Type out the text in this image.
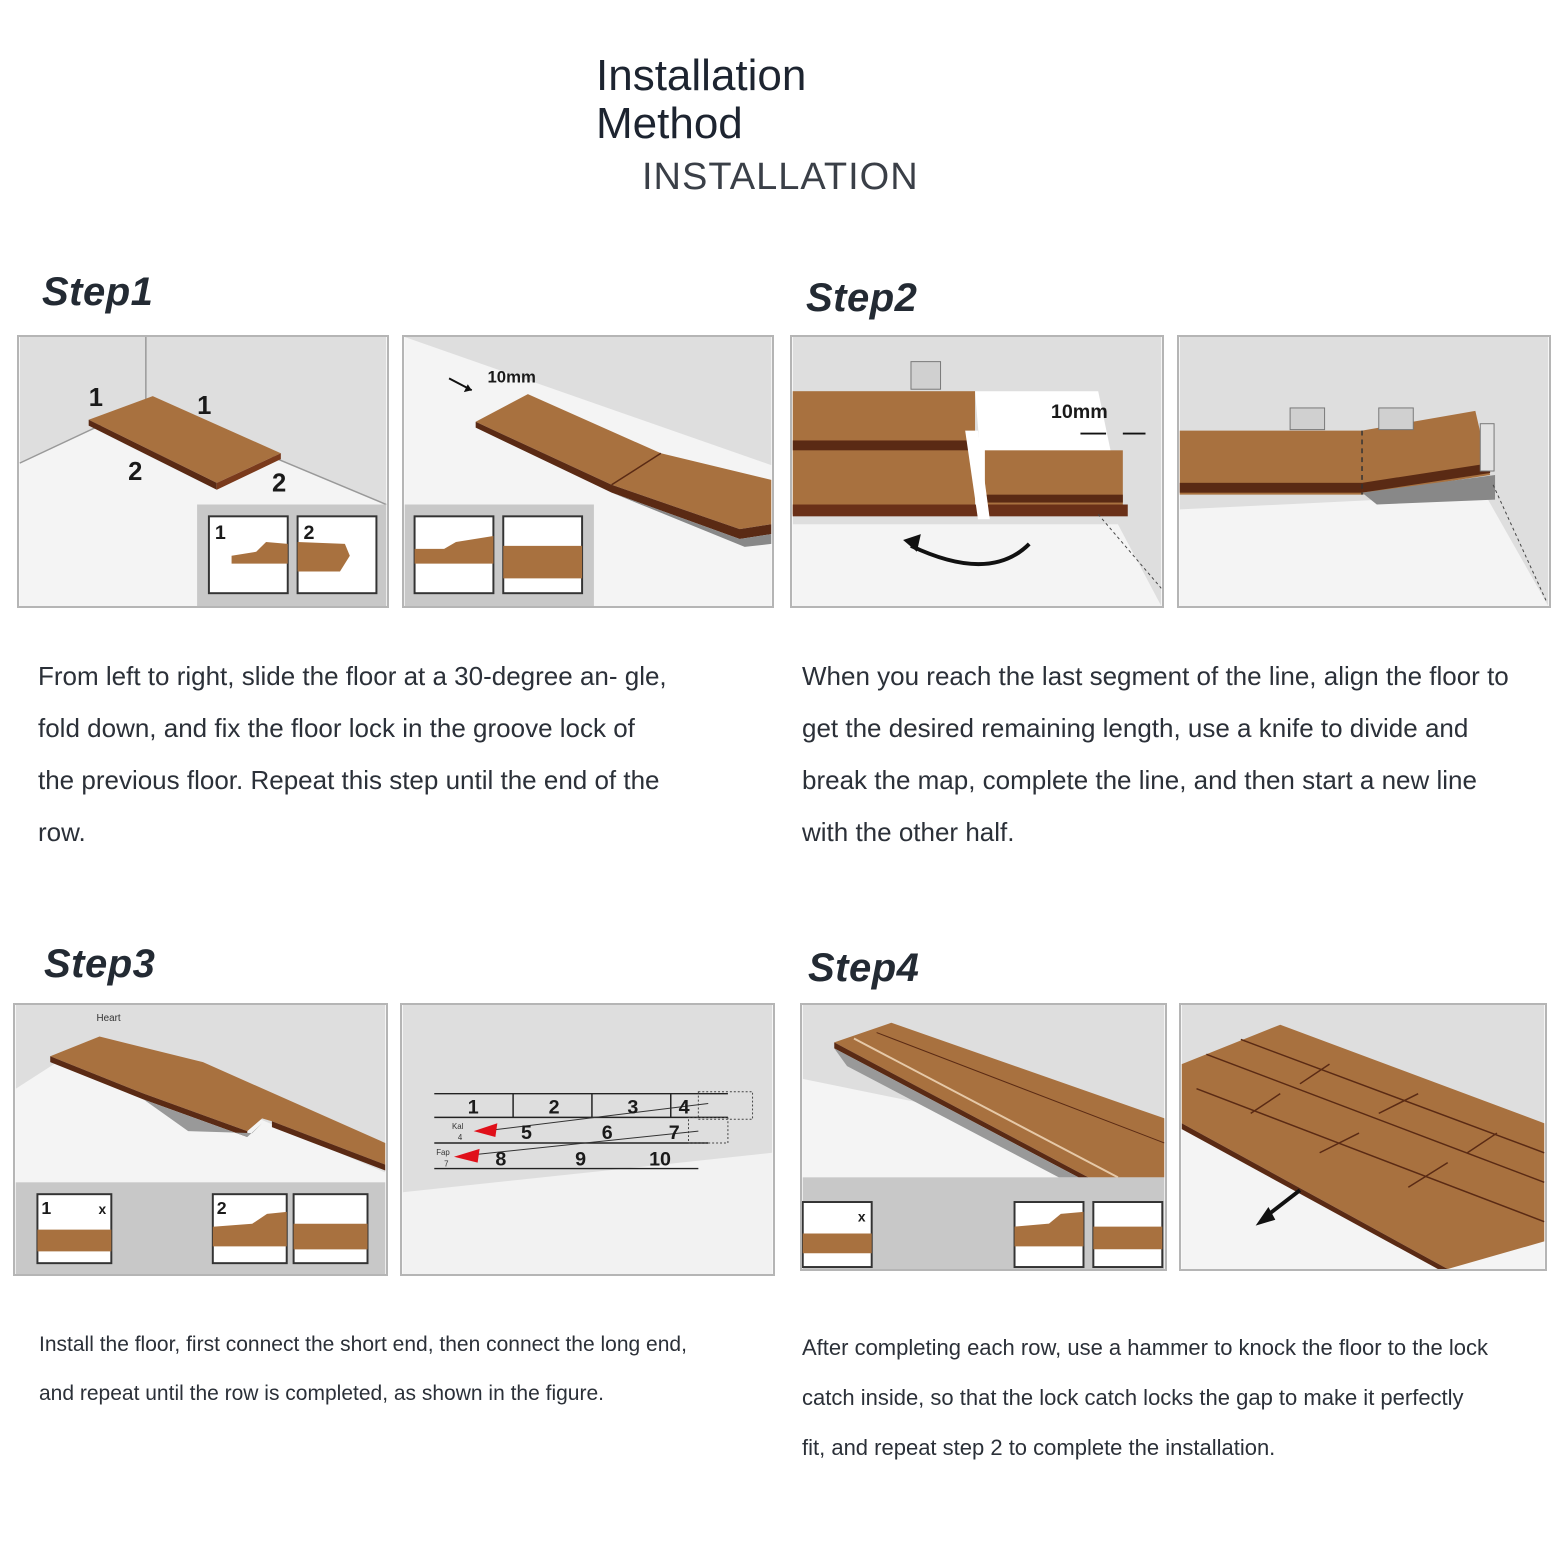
Installation
Method
INSTALLATION
Step1
1	1
2	2
1	2
10mm
From left to right, slide the floor at a 30-degree an- gle, fold down, and fix the floor lock in the groove lock of the previous floor. Repeat this step until the end of the row.
Step2
10mm
When you reach the last segment of the line, align the floor to get the desired remaining length, use a knife to divide and break the map, complete the line, and then start a new line with the other half.
Step3
Heart
1	2
x
1	2	3 4
5	6	7
8	9	10
Kal
4
Fap
7
Install the floor, first connect the short end, then connect the long end, and repeat until the row is completed, as shown in the figure.
Step4
x
After completing each row, use a hammer to knock the floor to the lock catch inside, so that the lock catch locks the gap to make it perfectly fit, and repeat step 2 to complete the installation.
